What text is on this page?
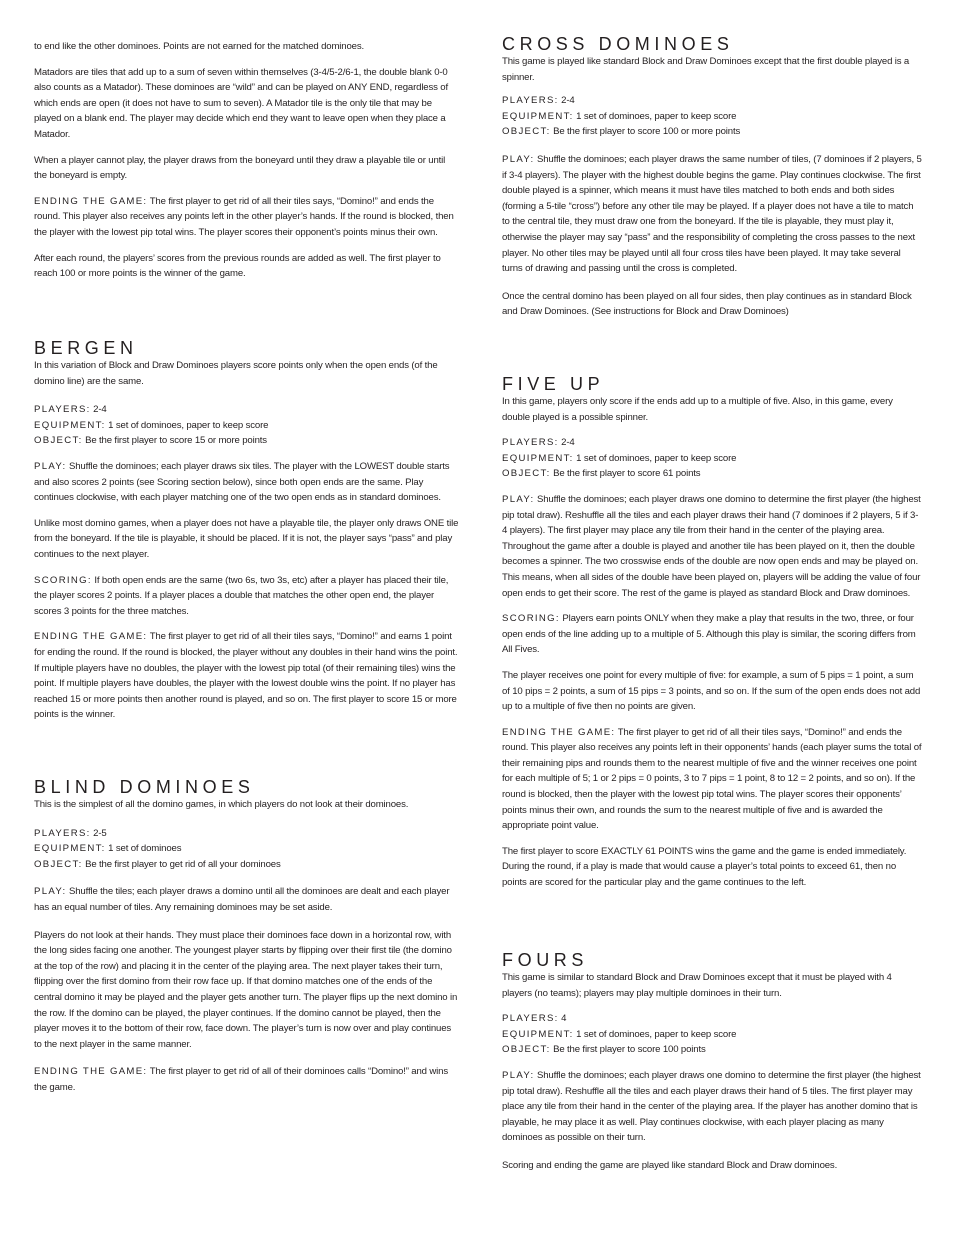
to end like the other dominoes. Points are not earned for the matched dominoes.

Matadors are tiles that add up to a sum of seven within themselves (3-4/5-2/6-1, the double blank 0-0 also counts as a Matador). These dominoes are “wild” and can be played on ANY END, regardless of which ends are open (it does not have to sum to seven). A Matador tile is the only tile that may be played on a blank end. The player may decide which end they want to leave open when they place a Matador.

When a player cannot play, the player draws from the boneyard until they draw a playable tile or until the boneyard is empty.

ENDING THE GAME: The first player to get rid of all their tiles says, “Domino!” and ends the round. This player also receives any points left in the other player’s hands. If the round is blocked, then the player with the lowest pip total wins. The player scores their opponent’s points minus their own.

After each round, the players’ scores from the previous rounds are added as well. The first player to reach 100 or more points is the winner of the game.

BERGEN

In this variation of Block and Draw Dominoes players score points only when the open ends (of the domino line) are the same.

PLAYERS: 2-4

EQUIPMENT: 1 set of dominoes, paper to keep score

OBJECT: Be the first player to score 15 or more points

PLAY: Shuffle the dominoes; each player draws six tiles. The player with the LOWEST double starts and also scores 2 points (see Scoring section below), since both open ends are the same. Play continues clockwise, with each player matching one of the two open ends as in standard dominoes.

Unlike most domino games, when a player does not have a playable tile, the player only draws ONE tile from the boneyard. If the tile is playable, it should be placed. If it is not, the player says “pass” and play continues to the next player.

SCORING: If both open ends are the same (two 6s, two 3s, etc) after a player has placed their tile, the player scores 2 points. If a player places a double that matches the other open end, the player scores 3 points for the three matches.

ENDING THE GAME: The first player to get rid of all their tiles says, “Domino!” and earns 1 point for ending the round. If the round is blocked, the player without any doubles in their hand wins the point. If multiple players have no doubles, the player with the lowest pip total (of their remaining tiles) wins the point. If multiple players have doubles, the player with the lowest double wins the point. If no player has reached 15 or more points then another round is played, and so on. The first player to score 15 or more points is the winner.

BLIND DOMINOES

This is the simplest of all the domino games, in which players do not look at their dominoes.

PLAYERS: 2-5

EQUIPMENT: 1 set of dominoes

OBJECT: Be the first player to get rid of all your dominoes

PLAY: Shuffle the tiles; each player draws a domino until all the dominoes are dealt and each player has an equal number of tiles. Any remaining dominoes may be set aside.

Players do not look at their hands. They must place their dominoes face down in a horizontal row, with the long sides facing one another. The youngest player starts by flipping over their first tile (the domino at the top of the row) and placing it in the center of the playing area. The next player takes their turn, flipping over the first domino from their row face up. If that domino matches one of the ends of the central domino it may be played and the player gets another turn. The player flips up the next domino in the row. If the domino can be played, the player continues. If the domino cannot be played, then the player moves it to the bottom of their row, face down. The player’s turn is now over and play continues to the next player in the same manner.

ENDING THE GAME: The first player to get rid of all of their dominoes calls “Domino!” and wins the game.

CROSS DOMINOES

This game is played like standard Block and Draw Dominoes except that the first double played is a spinner.

PLAYERS: 2-4

EQUIPMENT: 1 set of dominoes, paper to keep score

OBJECT: Be the first player to score 100 or more points

PLAY: Shuffle the dominoes; each player draws the same number of tiles, (7 dominoes if 2 players, 5 if 3-4 players). The player with the highest double begins the game. Play continues clockwise. The first double played is a spinner, which means it must have tiles matched to both ends and both sides (forming a 5-tile “cross”) before any other tile may be played. If a player does not have a tile to match to the central tile, they must draw one from the boneyard. If the tile is playable, they must play it, otherwise the player may say “pass” and the responsibility of completing the cross passes to the next player. No other tiles may be played until all four cross tiles have been played. It may take several turns of drawing and passing until the cross is completed.

Once the central domino has been played on all four sides, then play continues as in standard Block and Draw Dominoes. (See instructions for Block and Draw Dominoes)

FIVE UP

In this game, players only score if the ends add up to a multiple of five. Also, in this game, every double played is a possible spinner.

PLAYERS: 2-4

EQUIPMENT: 1 set of dominoes, paper to keep score

OBJECT: Be the first player to score 61 points

PLAY: Shuffle the dominoes; each player draws one domino to determine the first player (the highest pip total draw). Reshuffle all the tiles and each player draws their hand (7 dominoes if 2 players, 5 if 3-4 players). The first player may place any tile from their hand in the center of the playing area. Throughout the game after a double is played and another tile has been played on it, then the double becomes a spinner. The two crosswise ends of the double are now open ends and may be played on. This means, when all sides of the double have been played on, players will be adding the value of four open ends to get their score. The rest of the game is played as standard Block and Draw dominoes.

SCORING: Players earn points ONLY when they make a play that results in the two, three, or four open ends of the line adding up to a multiple of 5. Although this play is similar, the scoring differs from All Fives.

The player receives one point for every multiple of five: for example, a sum of 5 pips = 1 point, a sum of 10 pips = 2 points, a sum of 15 pips = 3 points, and so on. If the sum of the open ends does not add up to a multiple of five then no points are given.

ENDING THE GAME: The first player to get rid of all their tiles says, “Domino!” and ends the round. This player also receives any points left in their opponents’ hands (each player sums the total of their remaining pips and rounds them to the nearest multiple of five and the winner receives one point for each multiple of 5; 1 or 2 pips = 0 points, 3 to 7 pips = 1 point, 8 to 12 = 2 points, and so on). If the round is blocked, then the player with the lowest pip total wins. The player scores their opponents’ points minus their own, and rounds the sum to the nearest multiple of five and is awarded the appropriate point value.

The first player to score EXACTLY 61 POINTS wins the game and the game is ended immediately. During the round, if a play is made that would cause a player’s total points to exceed 61, then no points are scored for the particular play and the game continues to the left.

FOURS

This game is similar to standard Block and Draw Dominoes except that it must be played with 4 players (no teams); players may play multiple dominoes in their turn.

PLAYERS: 4

EQUIPMENT: 1 set of dominoes, paper to keep score

OBJECT: Be the first player to score 100 points

PLAY: Shuffle the dominoes; each player draws one domino to determine the first player (the highest pip total draw). Reshuffle all the tiles and each player draws their hand of 5 tiles. The first player may place any tile from their hand in the center of the playing area. If the player has another domino that is playable, he may place it as well. Play continues clockwise, with each player placing as many dominoes as possible on their turn.

Scoring and ending the game are played like standard Block and Draw dominoes.
